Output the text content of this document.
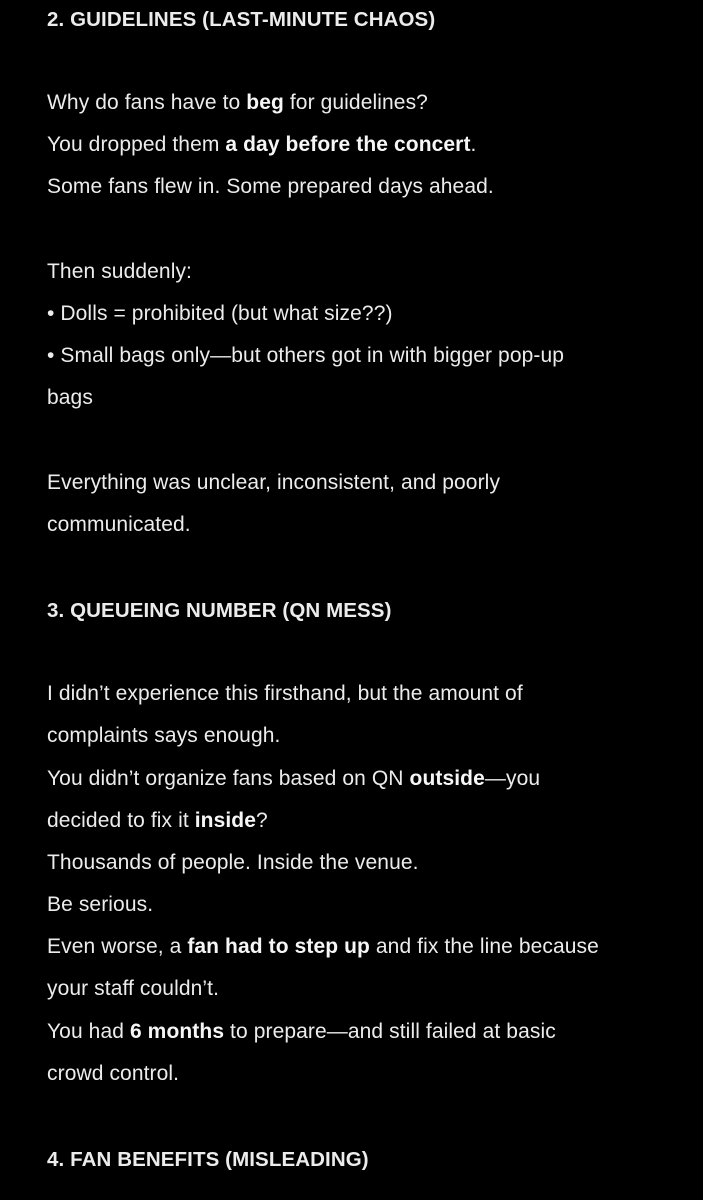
2. GUIDELINES (LAST-MINUTE CHAOS)
Why do fans have to beg for guidelines?
You dropped them a day before the concert.
Some fans flew in. Some prepared days ahead.
Then suddenly:
• Dolls = prohibited (but what size??)
• Small bags only—but others got in with bigger pop-up
bags
Everything was unclear, inconsistent, and poorly
communicated.
3. QUEUEING NUMBER (QN MESS)
I didn’t experience this firsthand, but the amount of
complaints says enough.
You didn’t organize fans based on QN outside—you
decided to fix it inside?
Thousands of people. Inside the venue.
Be serious.
Even worse, a fan had to step up and fix the line because
your staff couldn’t.
You had 6 months to prepare—and still failed at basic
crowd control.
4. FAN BENEFITS (MISLEADING)
